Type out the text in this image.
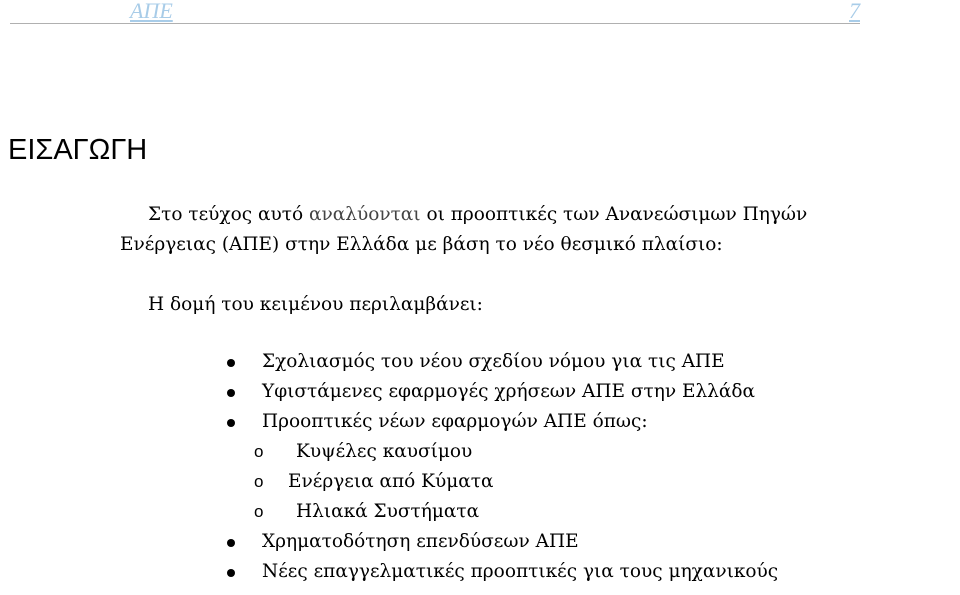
ΑΠΕ	7
ΕΙΣΑΓΩΓΗ

Στο τεύχος αυτό αναλύονται οι προοπτικές των Ανανεώσιμων Πηγών Ενέργειας (ΑΠΕ) στην Ελλάδα με βάση το νέο θεσμικό πλαίσιο:

Η δομή του κειμένου περιλαμβάνει:

Σχολιασμός του νέου σχεδίου νόμου για τις ΑΠΕ
Υφιστάμενες εφαρμογές χρήσεων ΑΠΕ στην Ελλάδα
Προοπτικές νέων εφαρμογών ΑΠΕ όπως:
o Κυψέλες καυσίμου
o Ενέργεια από Κύματα
o Ηλιακά Συστήματα
Χρηματοδότηση επενδύσεων ΑΠΕ
Νέες επαγγελματικές προοπτικές για τους μηχανικούς
